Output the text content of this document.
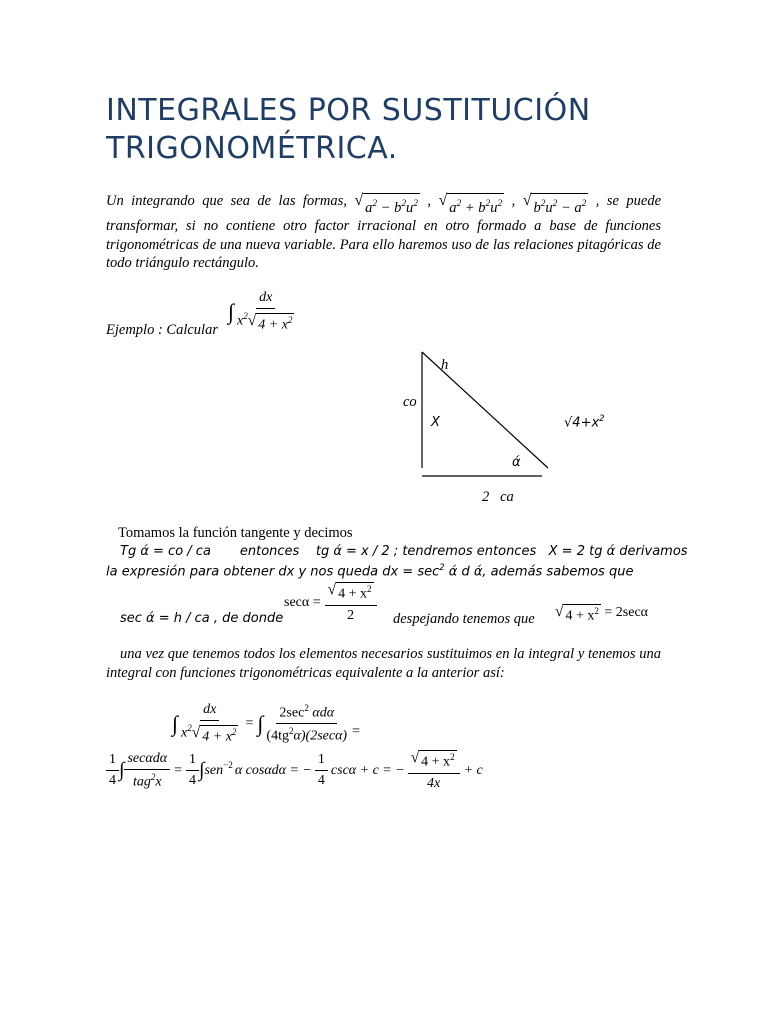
INTEGRALES POR SUSTITUCIÓN
TRIGONOMÉTRICA.
Un integrando que sea de las formas, √ $a^2 - b^2u^2$ , √ $a^2 + b^2u^2$ , √ $b^2u^2 - a^2$ , se puede transformar, si no contiene otro factor irracional en otro formado a base de funciones trigonométricas de una nueva variable. Para ello haremos uso de las relaciones pitagóricas de todo triángulo rectángulo.
Ejemplo : Calcular
∫ $\frac{dx}{x^2 √ 4 + x^2}$
h
co
X
ά
$√4+x^2$
2 ca
Tomamos la función tangente y decimos
Tg ά = co / ca entonces tg ά = x / 2 ; tendremos entonces X = 2 tg ά derivamos
la expresión para obtener dx y nos queda dx = $\sec^2 ά$ d ά, además sabemos que
sec ά = h / ca , de donde
$\sec\alpha = \frac{√ 4 + x^2}{2}$ despejando tenemos que √ $4 + x^2 = 2\sec\alpha$
una vez que tenemos todos los elementos necesarios sustituimos en la integral y tenemos una integral con funciones trigonométricas equivalente a la anterior así:
∫ $\frac{dx}{x^2 √ 4 + x^2}$ = ∫ $\frac{2\sec^2 \alpha d\alpha}{(4tg^2\alpha)(2\sec\alpha)}$ =
$\frac{1}{4}$ ∫ $\frac{\text{secαdα}}{tag^2x} = \frac{1}{4}$ ∫ sen$^{-2}$ α cosαdα = − $\frac{1}{4}$ cscα + c = − $\frac{√ 4 + x^2}{4x} + c$
